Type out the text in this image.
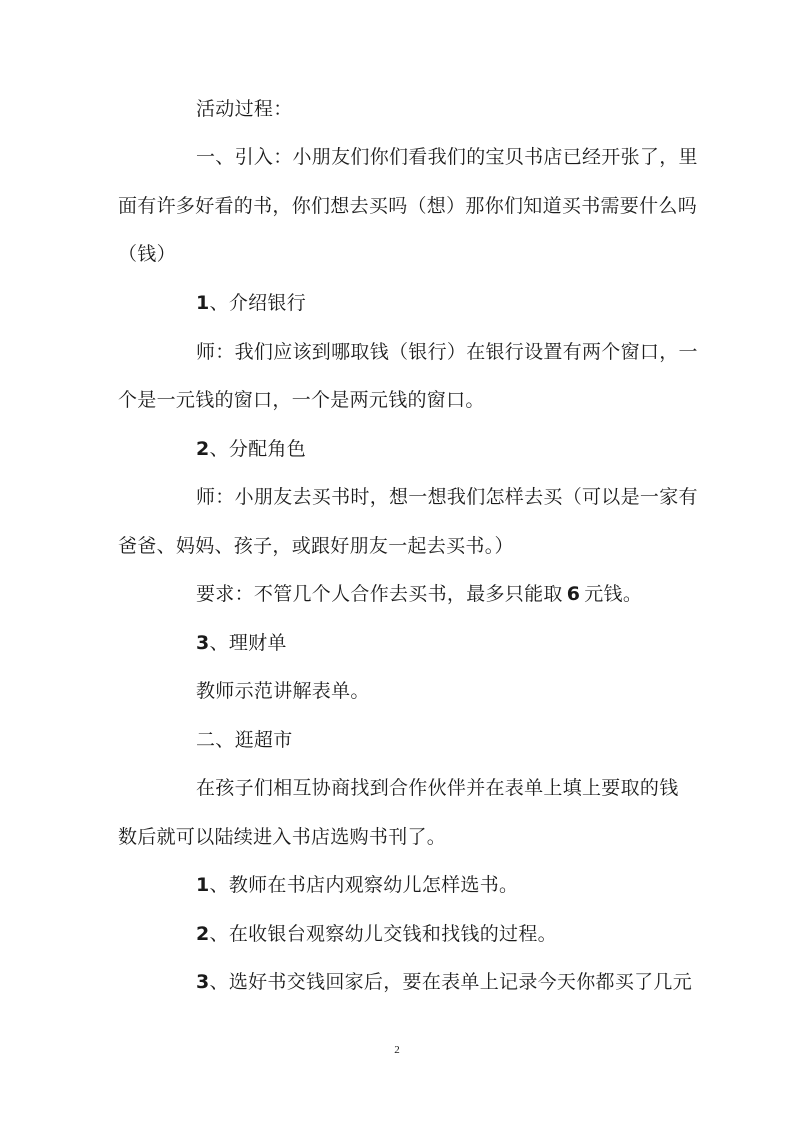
活动过程：
一、引入：小朋友们你们看我们的宝贝书店已经开张了，里
面有许多好看的书，你们想去买吗（想）那你们知道买书需要什么吗
（钱）
1、介绍银行
师：我们应该到哪取钱（银行）在银行设置有两个窗口，一
个是一元钱的窗口，一个是两元钱的窗口。
2、分配角色
师：小朋友去买书时，想一想我们怎样去买（可以是一家有
爸爸、妈妈、孩子，或跟好朋友一起去买书。）
要求：不管几个人合作去买书，最多只能取 6 元钱。
3、理财单
教师示范讲解表单。
二、逛超市
在孩子们相互协商找到合作伙伴并在表单上填上要取的钱
数后就可以陆续进入书店选购书刊了。
1、教师在书店内观察幼儿怎样选书。
2、在收银台观察幼儿交钱和找钱的过程。
3、选好书交钱回家后，要在表单上记录今天你都买了几元
2
